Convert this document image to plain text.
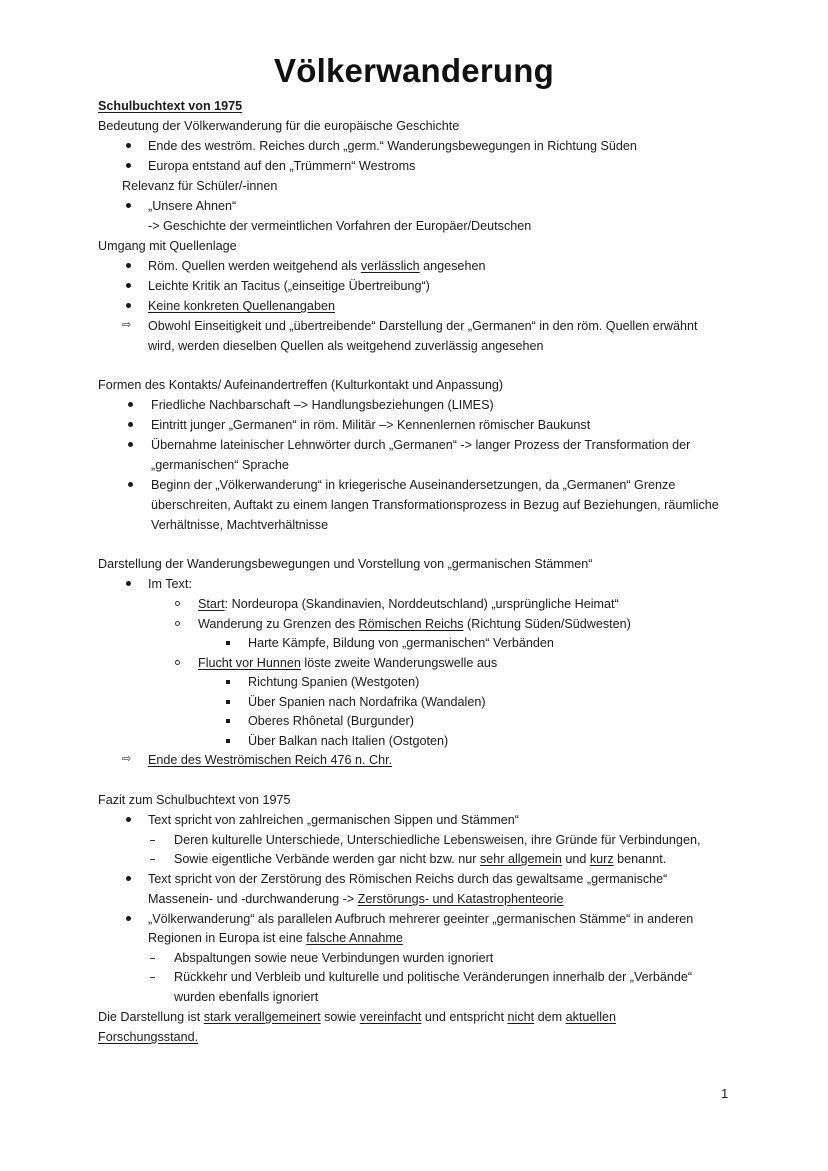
Völkerwanderung
Schulbuchtext von 1975
Bedeutung der Völkerwanderung für die europäische Geschichte
Ende des weström. Reiches durch „germ.“ Wanderungsbewegungen in Richtung Süden
Europa entstand auf den „Trümmern“ Westroms
Relevanz für Schüler/-innen
„Unsere Ahnen“
-> Geschichte der vermeintlichen Vorfahren der Europäer/Deutschen
Umgang mit Quellenlage
Röm. Quellen werden weitgehend als verlässlich angesehen
Leichte Kritik an Tacitus („einseitige Übertreibung“)
Keine konkreten Quellenangaben
⇨ Obwohl Einseitigkeit und „übertreibende“ Darstellung der „Germanen“ in den röm. Quellen erwähnt
wird, werden dieselben Quellen als weitgehend zuverlässig angesehen
Formen des Kontakts/ Aufeinandertreffen (Kulturkontakt und Anpassung)
Friedliche Nachbarschaft –> Handlungsbeziehungen (LIMES)
Eintritt junger „Germanen“ in röm. Militär –> Kennenlernen römischer Baukunst
Übernahme lateinischer Lehnwörter durch „Germanen“ -> langer Prozess der Transformation der
„germanischen“ Sprache
Beginn der „Völkerwanderung“ in kriegerische Auseinandersetzungen, da „Germanen“ Grenze
überschreiten, Auftakt zu einem langen Transformationsprozess in Bezug auf Beziehungen, räumliche
Verhältnisse, Machtverhältnisse
Darstellung der Wanderungsbewegungen und Vorstellung von „germanischen Stämmen“
Im Text:
Start: Nordeuropa (Skandinavien, Norddeutschland) „ursprüngliche Heimat“
Wanderung zu Grenzen des Römischen Reichs (Richtung Süden/Südwesten)
Harte Kämpfe, Bildung von „germanischen“ Verbänden
Flucht vor Hunnen löste zweite Wanderungswelle aus
Richtung Spanien (Westgoten)
Über Spanien nach Nordafrika (Wandalen)
Oberes Rhônetal (Burgunder)
Über Balkan nach Italien (Ostgoten)
⇨ Ende des Weströmischen Reich 476 n. Chr.
Fazit zum Schulbuchtext von 1975
Text spricht von zahlreichen „germanischen Sippen und Stämmen“
Deren kulturelle Unterschiede, Unterschiedliche Lebensweisen, ihre Gründe für Verbindungen,
Sowie eigentliche Verbände werden gar nicht bzw. nur sehr allgemein und kurz benannt.
Text spricht von der Zerstörung des Römischen Reichs durch das gewaltsame „germanische“
Massenein- und -durchwanderung -> Zerstörungs- und Katastrophenteorie
„Völkerwanderung“ als parallelen Aufbruch mehrerer geeinter „germanischen Stämme“ in anderen
Regionen in Europa ist eine falsche Annahme
Abspaltungen sowie neue Verbindungen wurden ignoriert
Rückkehr und Verbleib und kulturelle und politische Veränderungen innerhalb der „Verbände“
wurden ebenfalls ignoriert
Die Darstellung ist stark verallgemeinert sowie vereinfacht und entspricht nicht dem aktuellen
Forschungsstand.
1
